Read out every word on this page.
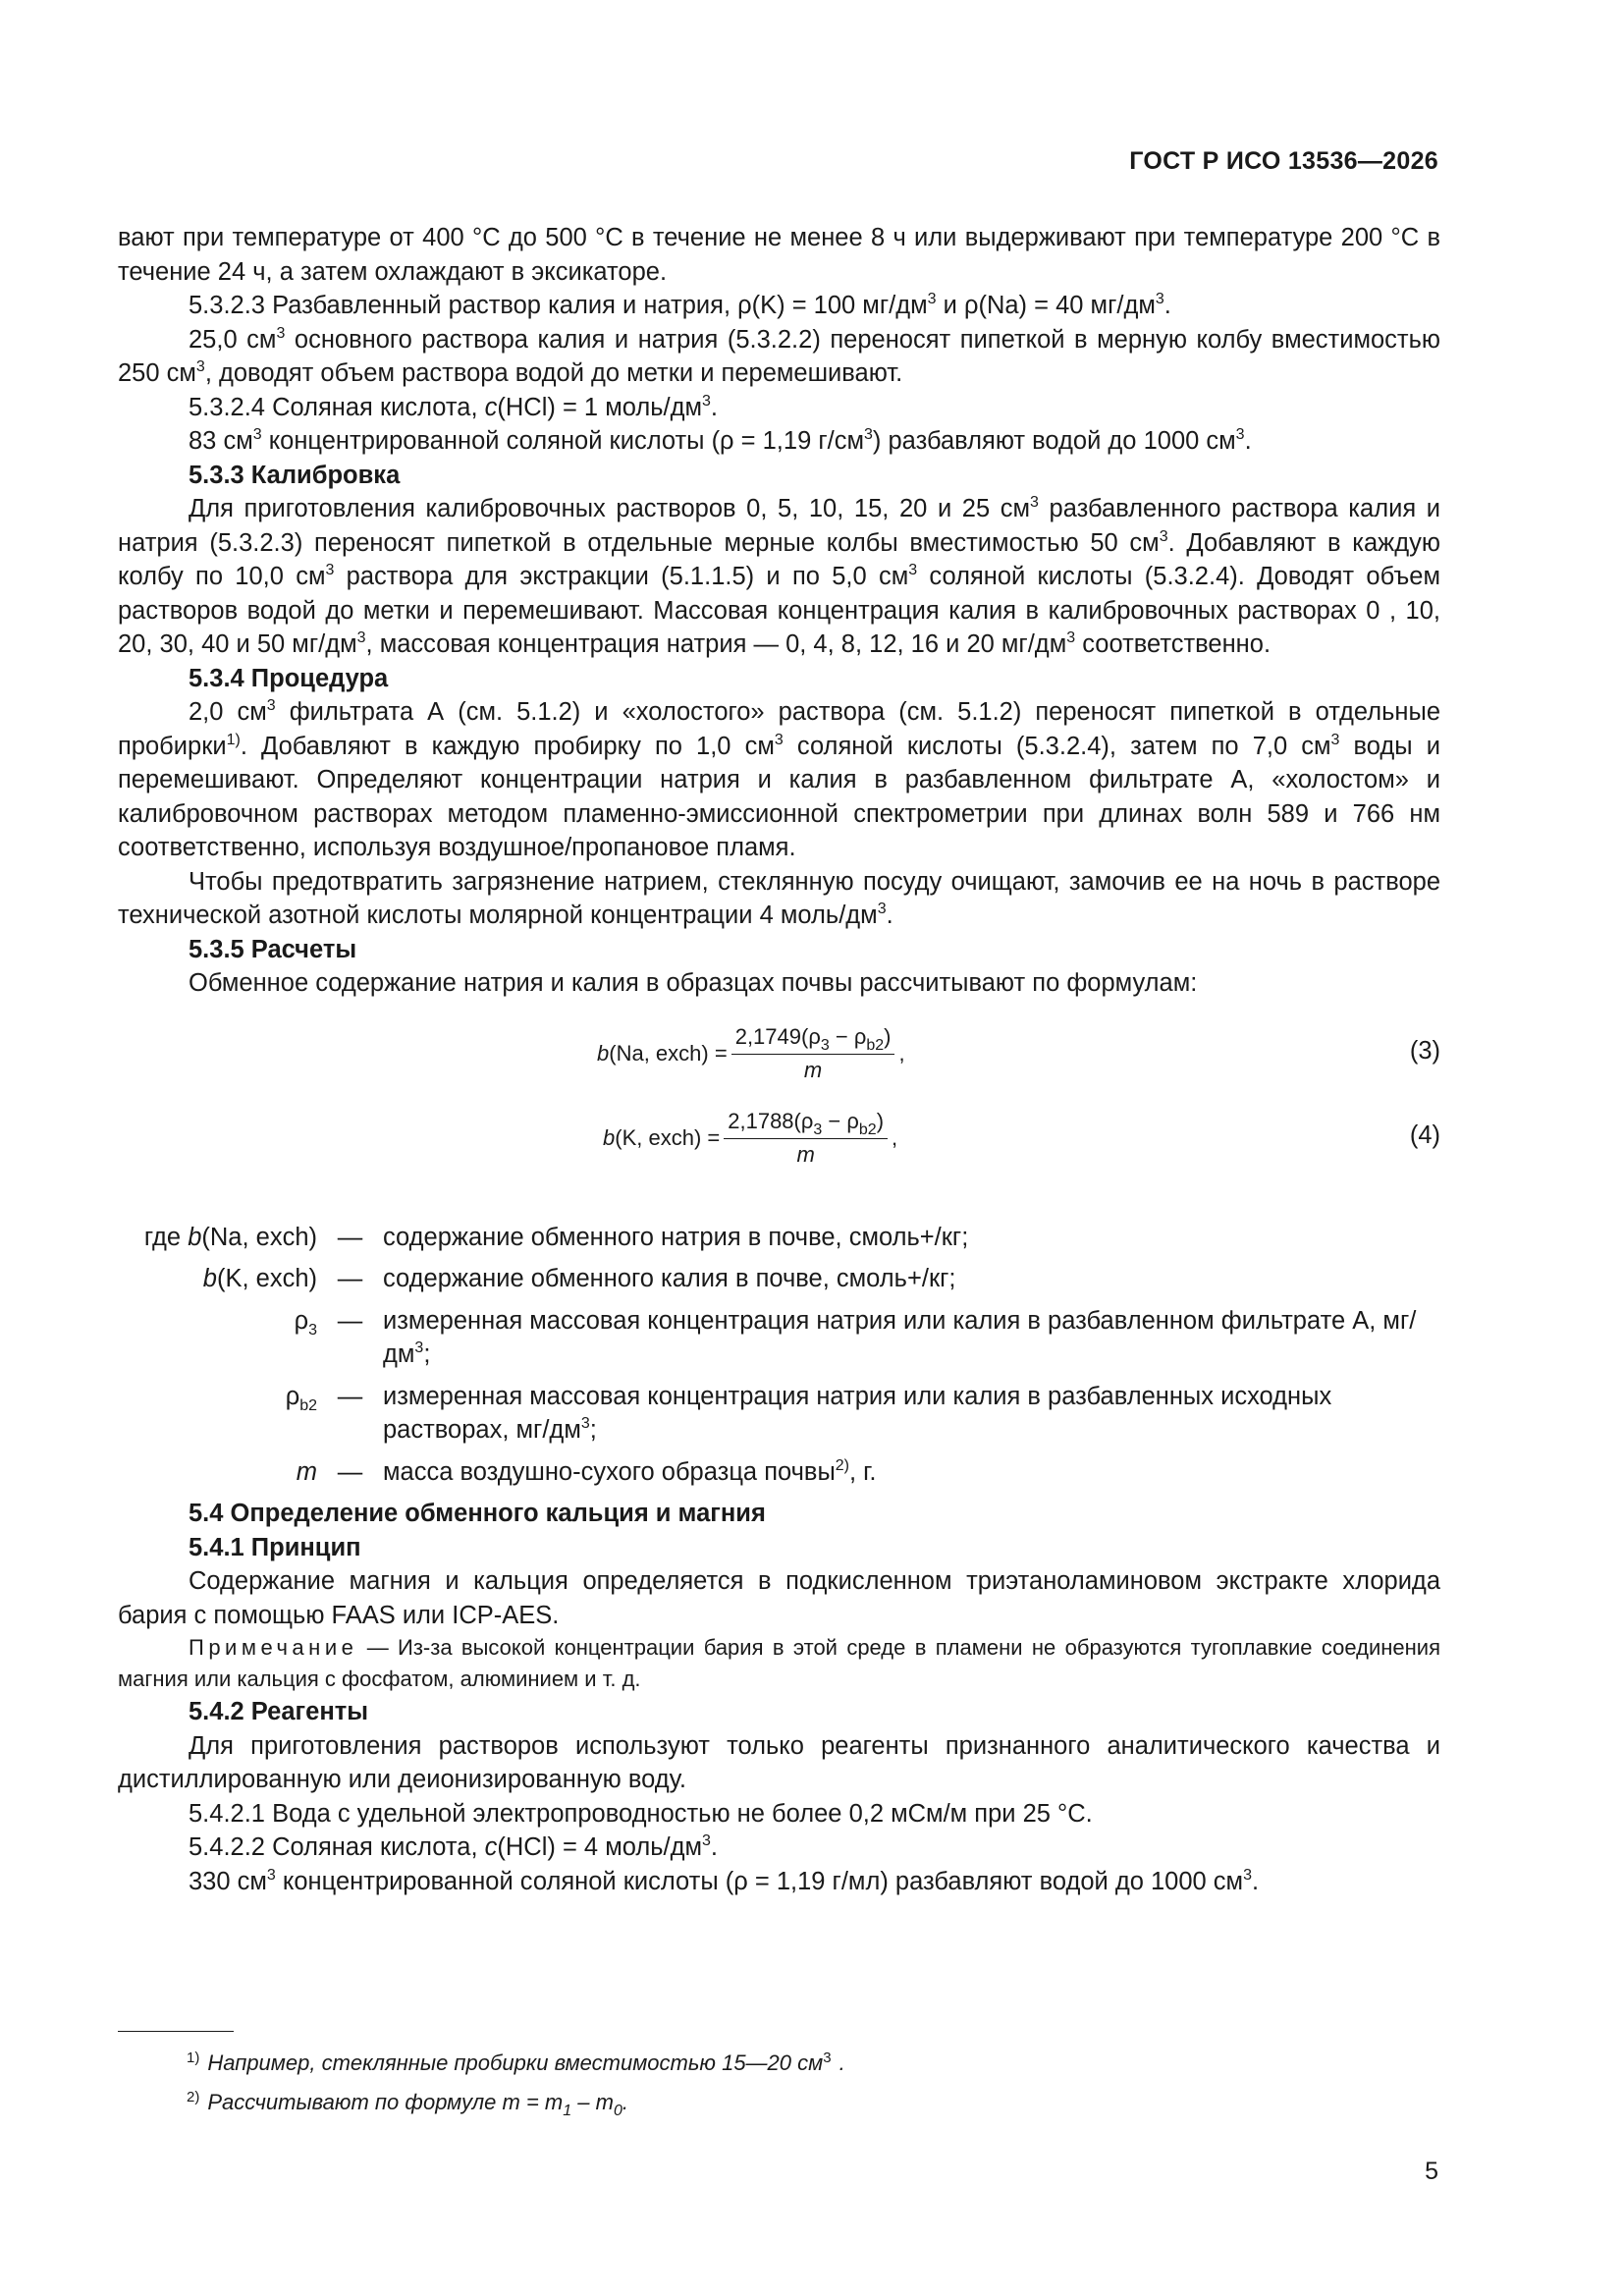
ГОСТ Р ИСО 13536—2026

вают при температуре от 400 °С до 500 °С в течение не менее 8 ч или выдерживают при температуре 200 °С в течение 24 ч, а затем охлаждают в эксикаторе.

5.3.2.3 Разбавленный раствор калия и натрия, ρ(K) = 100 $мг/дм^3$ и ρ(Na) = 40 $мг/дм^3$.

25,0 $см^3$ основного раствора калия и натрия (5.3.2.2) переносят пипеткой в мерную колбу вместимостью 250 $см^3$, доводят объем раствора водой до метки и перемешивают.

5.3.2.4 Соляная кислота, c(HCl) = 1 моль/$дм^3$.

83 $см^3$ концентрированной соляной кислоты (ρ = 1,19 $г/см^3$) разбавляют водой до 1000 $см^3$.

5.3.3 Калибровка

Для приготовления калибровочных растворов 0, 5, 10, 15, 20 и 25 $см^3$ разбавленного раствора калия и натрия (5.3.2.3) переносят пипеткой в отдельные мерные колбы вместимостью 50 $см^3$. Добавляют в каждую колбу по 10,0 $см^3$ раствора для экстракции (5.1.1.5) и по 5,0 $см^3$ соляной кислоты (5.3.2.4). Доводят объем растворов водой до метки и перемешивают. Массовая концентрация калия в калибровочных растворах 0 , 10, 20, 30, 40 и 50 $мг/дм^3$, массовая концентрация натрия — 0, 4, 8, 12, 16 и 20 $мг/дм^3$ соответственно.

5.3.4 Процедура

2,0 $см^3$ фильтрата А (см. 5.1.2) и «холостого» раствора (см. 5.1.2) переносят пипеткой в отдельные пробирки$^{1)}$. Добавляют в каждую пробирку по 1,0 $см^3$ соляной кислоты (5.3.2.4), затем по 7,0 $см^3$ воды и перемешивают. Определяют концентрации натрия и калия в разбавленном фильтрате А, «холостом» и калибровочном растворах методом пламенно-эмиссионной спектрометрии при длинах волн 589 и 766 нм соответственно, используя воздушное/пропановое пламя.

Чтобы предотвратить загрязнение натрием, стеклянную посуду очищают, замочив ее на ночь в растворе технической азотной кислоты молярной концентрации 4 моль/$дм^3$.

5.3.5 Расчеты

Обменное содержание натрия и калия в образцах почвы рассчитывают по формулам:

b ( Na, exch ) = $\frac{2,1749(\rho_3 - \rho_{b2})}{m}$ ,	(3)
b ( K, exch ) = $\frac{2,1788(\rho_3 - \rho_{b2})}{m}$ ,	(4)
где b(Na, exch) — содержание обменного натрия в почве, смоль+/кг;
b(K, exch) — содержание обменного калия в почве, смоль+/кг;
$\rho_3$ — измеренная массовая концентрация натрия или калия в разбавленном фильтрате А, $мг/дм^3$;
$\rho_{b2}$ — измеренная массовая концентрация натрия или калия в разбавленных исходных растворах, $мг/дм^3$;
m — масса воздушно-сухого образца почвы$^{2)}$, г.

5.4 Определение обменного кальция и магния

5.4.1 Принцип

Содержание магния и кальция определяется в подкисленном триэтаноламиновом экстракте хлорида бария с помощью FAAS или ICP-AES.

Примечание — Из-за высокой концентрации бария в этой среде в пламени не образуются тугоплавкие соединения магния или кальция с фосфатом, алюминием и т. д.

5.4.2 Реагенты

Для приготовления растворов используют только реагенты признанного аналитического качества и дистиллированную или деионизированную воду.

5.4.2.1 Вода с удельной электропроводностью не более 0,2 мСм/м при 25 °С.

5.4.2.2 Соляная кислота, c(HCl) = 4 моль/$дм^3$.

330 $см^3$ концентрированной соляной кислоты (ρ = 1,19 г/мл) разбавляют водой до 1000 $см^3$.

$^{1)}$ Например, стеклянные пробирки вместимостью 15—20 $см^3$ .
$^{2)}$ Рассчитывают по формуле $m = m_1 - m_0$.
5
